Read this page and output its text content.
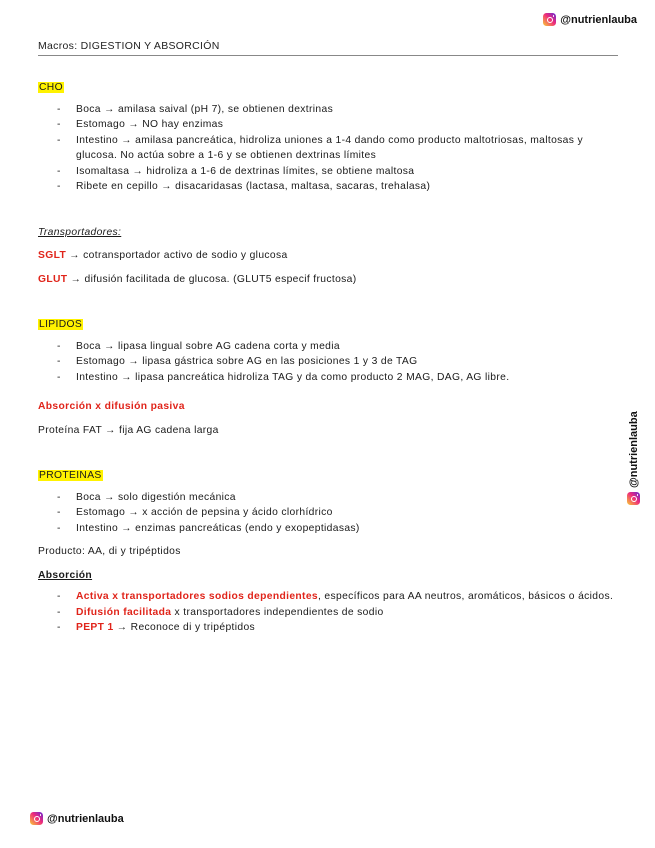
@nutrienlauba
Macros: DIGESTION Y ABSORCIÓN

CHO

- Boca → amilasa saival (pH 7), se obtienen dextrinas
- Estomago → NO hay enzimas
- Intestino → amilasa pancreática, hidroliza uniones a 1-4 dando como producto maltotriosas, maltosas y glucosa. No actúa sobre a 1-6 y se obtienen dextrinas límites
- Isomaltasa → hidroliza a 1-6 de dextrinas límites, se obtiene maltosa
- Ribete en cepillo → disacaridasas (lactasa, maltasa, sacaras, trehalasa)

Transportadores:

SGLT → cotransportador activo de sodio y glucosa

GLUT → difusión facilitada de glucosa. (GLUT5 especif fructosa)

LIPIDOS

- Boca → lipasa lingual sobre AG cadena corta y media
- Estomago → lipasa gástrica sobre AG en las posiciones 1 y 3 de TAG
- Intestino → lipasa pancreática hidroliza TAG y da como producto 2 MAG, DAG, AG libre.

Absorción x difusión pasiva

Proteína FAT → fija AG cadena larga

PROTEINAS

- Boca → solo digestión mecánica
- Estomago → x acción de pepsina y ácido clorhídrico
- Intestino → enzimas pancreáticas (endo y exopeptidasas)

Producto: AA, di y tripéptidos

Absorción

- Activa x transportadores sodios dependientes, específicos para AA neutros, aromáticos, básicos o ácidos.
- Difusión facilitada x transportadores independientes de sodio
- PEPT 1 → Reconoce di y tripéptidos
@nutrienlauba
@nutrienlauba
